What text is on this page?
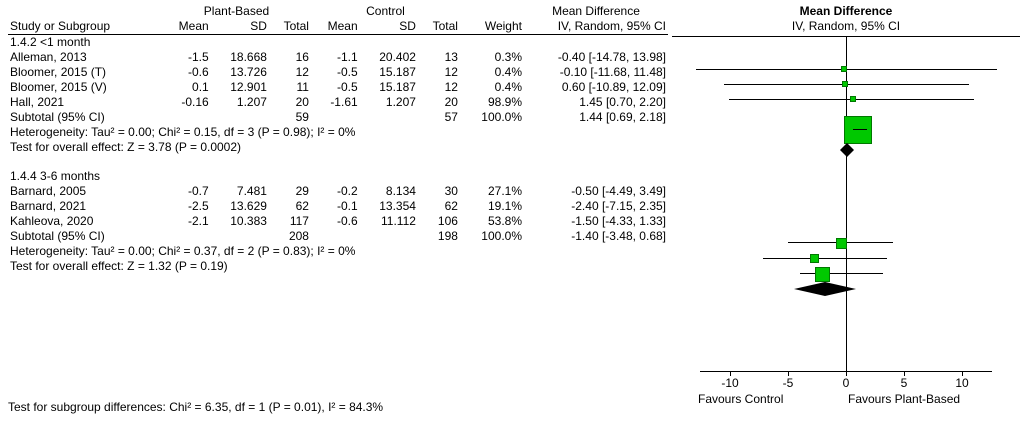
	Plant-Based			Control				Mean Difference
Study or Subgroup	Mean	SD	Total	Mean	SD	Total	Weight	IV, Random, 95% CI
1.4.2 <1 month								
Alleman, 2013	-1.5	18.668	16	-1.1	20.402	13	0.3%	-0.40 [-14.78, 13.98]
Bloomer, 2015 (T)	-0.6	13.726	12	-0.5	15.187	12	0.4%	-0.10 [-11.68, 11.48]
Bloomer, 2015 (V)	0.1	12.901	11	-0.5	15.187	12	0.4%	0.60 [-10.89, 12.09]
Hall, 2021	-0.16	1.207	20	-1.61	1.207	20	98.9%	1.45 [0.70, 2.20]
Subtotal (95% CI)			59			57	100.0%	1.44 [0.69, 2.18]
Heterogeneity: Tau² = 0.00; Chi² = 0.15, df = 3 (P = 0.98); I² = 0%								
Test for overall effect: Z = 3.78 (P = 0.0002)								

1.4.4 3-6 months								
Barnard, 2005	-0.7	7.481	29	-0.2	8.134	30	27.1%	-0.50 [-4.49, 3.49]
Barnard, 2021	-2.5	13.629	62	-0.1	13.354	62	19.1%	-2.40 [-7.15, 2.35]
Kahleova, 2020	-2.1	10.383	117	-0.6	11.112	106	53.8%	-1.50 [-4.33, 1.33]
Subtotal (95% CI)			208			198	100.0%	-1.40 [-3.48, 0.68]
Heterogeneity: Tau² = 0.00; Chi² = 0.37, df = 2 (P = 0.83); I² = 0%								
Test for overall effect: Z = 1.32 (P = 0.19)								
Test for subgroup differences: Chi² = 6.35, df = 1 (P = 0.01), I² = 84.3%
Mean Difference
IV, Random, 95% CI
-10	-5	0	5	10
Favours Control	Favours Plant-Based
